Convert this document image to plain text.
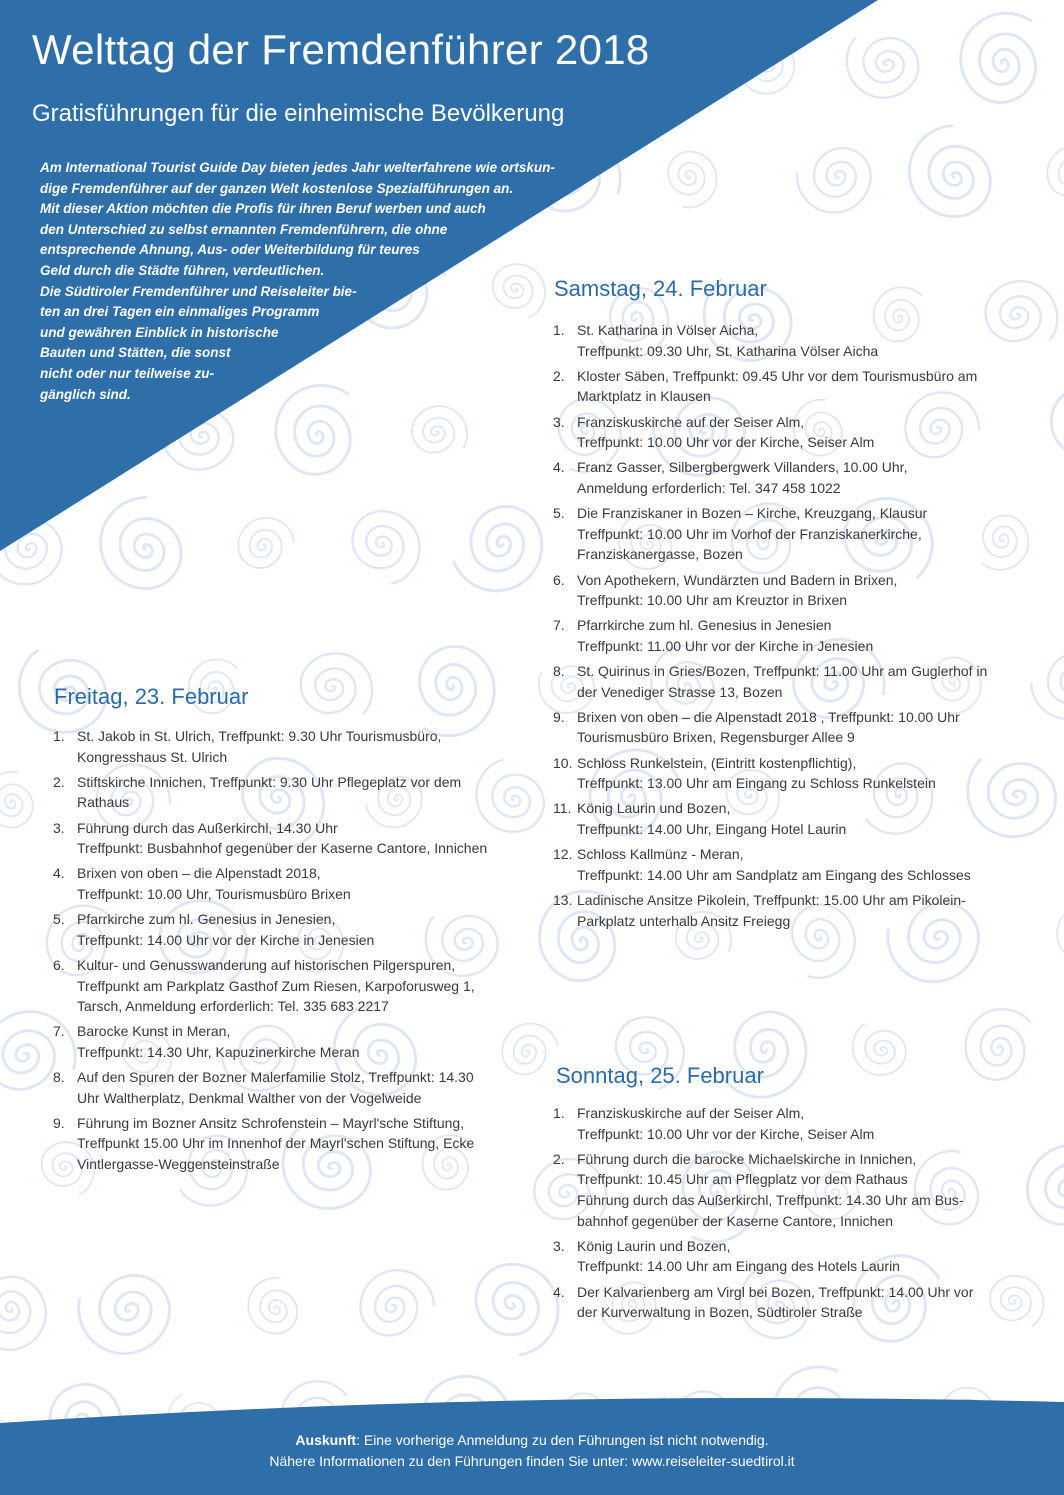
Welttag der Fremdenführer 2018
Gratisführungen für die einheimische Bevölkerung
Am International Tourist Guide Day bieten jedes Jahr welterfahrene wie ortskun-
dige Fremdenführer auf der ganzen Welt kostenlose Spezialführungen an.
Mit dieser Aktion möchten die Profis für ihren Beruf werben und auch
den Unterschied zu selbst ernannten Fremdenführern, die ohne
entsprechende Ahnung, Aus- oder Weiterbildung für teures
Geld durch die Städte führen, verdeutlichen.
Die Südtiroler Fremdenführer und Reiseleiter bie-
ten an drei Tagen ein einmaliges Programm
und gewähren Einblick in historische
Bauten und Stätten, die sonst
nicht oder nur teilweise zu-
gänglich sind.
Freitag, 23. Februar
1. St. Jakob in St. Ulrich, Treffpunkt: 9.30 Uhr Tourismusbüro,
Kongresshaus St. Ulrich
2. Stiftskirche Innichen, Treffpunkt: 9.30 Uhr Pflegeplatz vor dem
Rathaus
3. Führung durch das Außerkirchl, 14.30 Uhr
Treffpunkt: Busbahnhof gegenüber der Kaserne Cantore, Innichen
4. Brixen von oben – die Alpenstadt 2018,
Treffpunkt: 10.00 Uhr, Tourismusbüro Brixen
5. Pfarrkirche zum hl. Genesius in Jenesien,
Treffpunkt: 14.00 Uhr vor der Kirche in Jenesien
6. Kultur- und Genusswanderung auf historischen Pilgerspuren,
Treffpunkt am Parkplatz Gasthof Zum Riesen, Karpoforusweg 1,
Tarsch, Anmeldung erforderlich: Tel. 335 683 2217
7. Barocke Kunst in Meran,
Treffpunkt: 14.30 Uhr, Kapuzinerkirche Meran
8. Auf den Spuren der Bozner Malerfamilie Stolz, Treffpunkt: 14.30
Uhr Waltherplatz, Denkmal Walther von der Vogelweide
9. Führung im Bozner Ansitz Schrofenstein – Mayrl'sche Stiftung,
Treffpunkt 15.00 Uhr im Innenhof der Mayrl'schen Stiftung, Ecke
Vintlergasse-Weggensteinstraße
Samstag, 24. Februar
1. St. Katharina in Völser Aicha,
Treffpunkt: 09.30 Uhr, St. Katharina Völser Aicha
2. Kloster Säben, Treffpunkt: 09.45 Uhr vor dem Tourismusbüro am
Marktplatz in Klausen
3. Franziskuskirche auf der Seiser Alm,
Treffpunkt: 10.00 Uhr vor der Kirche, Seiser Alm
4. Franz Gasser, Silbergbergwerk Villanders, 10.00 Uhr,
Anmeldung erforderlich: Tel. 347 458 1022
5. Die Franziskaner in Bozen – Kirche, Kreuzgang, Klausur
Treffpunkt: 10.00 Uhr im Vorhof der Franziskanerkirche,
Franziskanergasse, Bozen
6. Von Apothekern, Wundärzten und Badern in Brixen,
Treffpunkt: 10.00 Uhr am Kreuztor in Brixen
7. Pfarrkirche zum hl. Genesius in Jenesien
Treffpunkt: 11.00 Uhr vor der Kirche in Jenesien
8. St. Quirinus in Gries/Bozen, Treffpunkt: 11.00 Uhr am Guglerhof in
der Venediger Strasse 13, Bozen
9. Brixen von oben – die Alpenstadt 2018 , Treffpunkt: 10.00 Uhr
Tourismusbüro Brixen, Regensburger Allee 9
10. Schloss Runkelstein, (Eintritt kostenpflichtig),
Treffpunkt: 13.00 Uhr am Eingang zu Schloss Runkelstein
11. König Laurin und Bozen,
Treffpunkt: 14.00 Uhr, Eingang Hotel Laurin
12. Schloss Kallmünz - Meran,
Treffpunkt: 14.00 Uhr am Sandplatz am Eingang des Schlosses
13. Ladinische Ansitze Pikolein, Treffpunkt: 15.00 Uhr am Pikolein-
Parkplatz unterhalb Ansitz Freiegg
Sonntag, 25. Februar
1. Franziskuskirche auf der Seiser Alm,
Treffpunkt: 10.00 Uhr vor der Kirche, Seiser Alm
2. Führung durch die barocke Michaelskirche in Innichen,
Treffpunkt: 10.45 Uhr am Pflegplatz vor dem Rathaus
Führung durch das Außerkirchl, Treffpunkt: 14.30 Uhr am Bus-
bahnhof gegenüber der Kaserne Cantore, Innichen
3. König Laurin und Bozen,
Treffpunkt: 14.00 Uhr am Eingang des Hotels Laurin
4. Der Kalvarienberg am Virgl bei Bozen, Treffpunkt: 14.00 Uhr vor
der Kurverwaltung in Bozen, Südtiroler Straße
Auskunft: Eine vorherige Anmeldung zu den Führungen ist nicht notwendig.
Nähere Informationen zu den Führungen finden Sie unter: www.reiseleiter-suedtirol.it
